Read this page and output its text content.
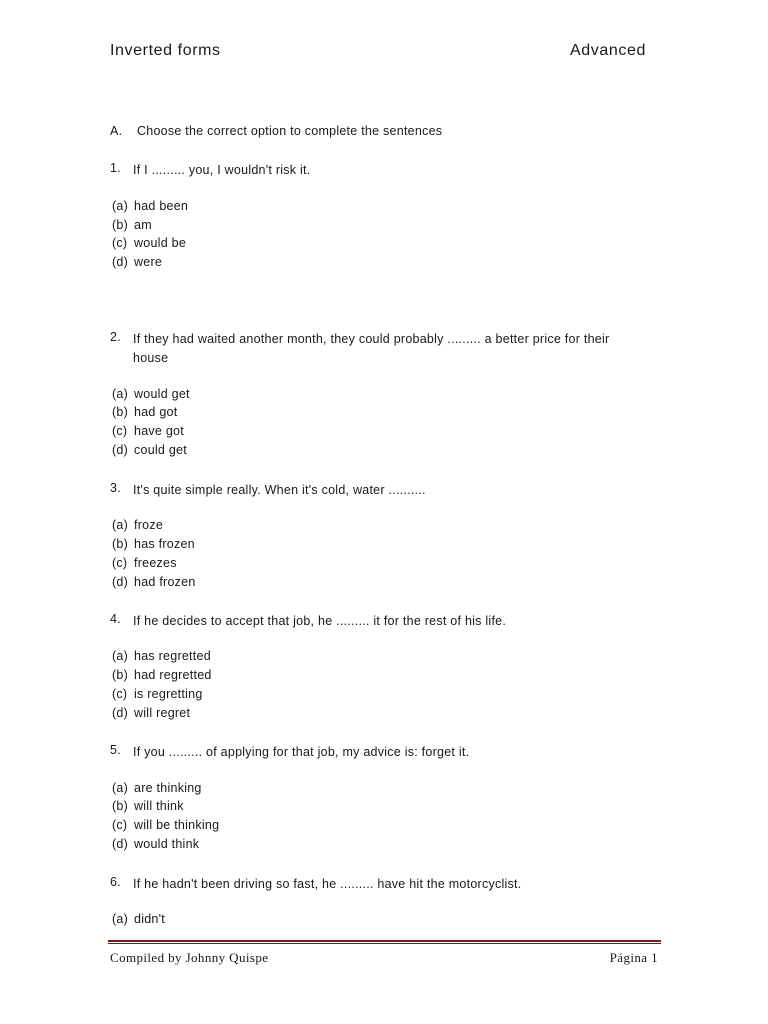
Inverted forms	Advanced
A. Choose the correct option to complete the sentences
1. If I ......... you, I wouldn't risk it.
(a) had been
(b) am
(c) would be
(d) were
2. If they had waited another month, they could probably ......... a better price for their house
(a) would get
(b) had got
(c) have got
(d) could get
3. It's quite simple really. When it's cold, water ..........
(a) froze
(b) has frozen
(c) freezes
(d) had frozen
4. If he decides to accept that job, he ......... it for the rest of his life.
(a) has regretted
(b) had regretted
(c) is regretting
(d) will regret
5. If you ......... of applying for that job, my advice is: forget it.
(a) are thinking
(b) will think
(c) will be thinking
(d) would think
6. If he hadn't been driving so fast, he ......... have hit the motorcyclist.
(a) didn't
Compiled by Johnny Quispe	Página 1
